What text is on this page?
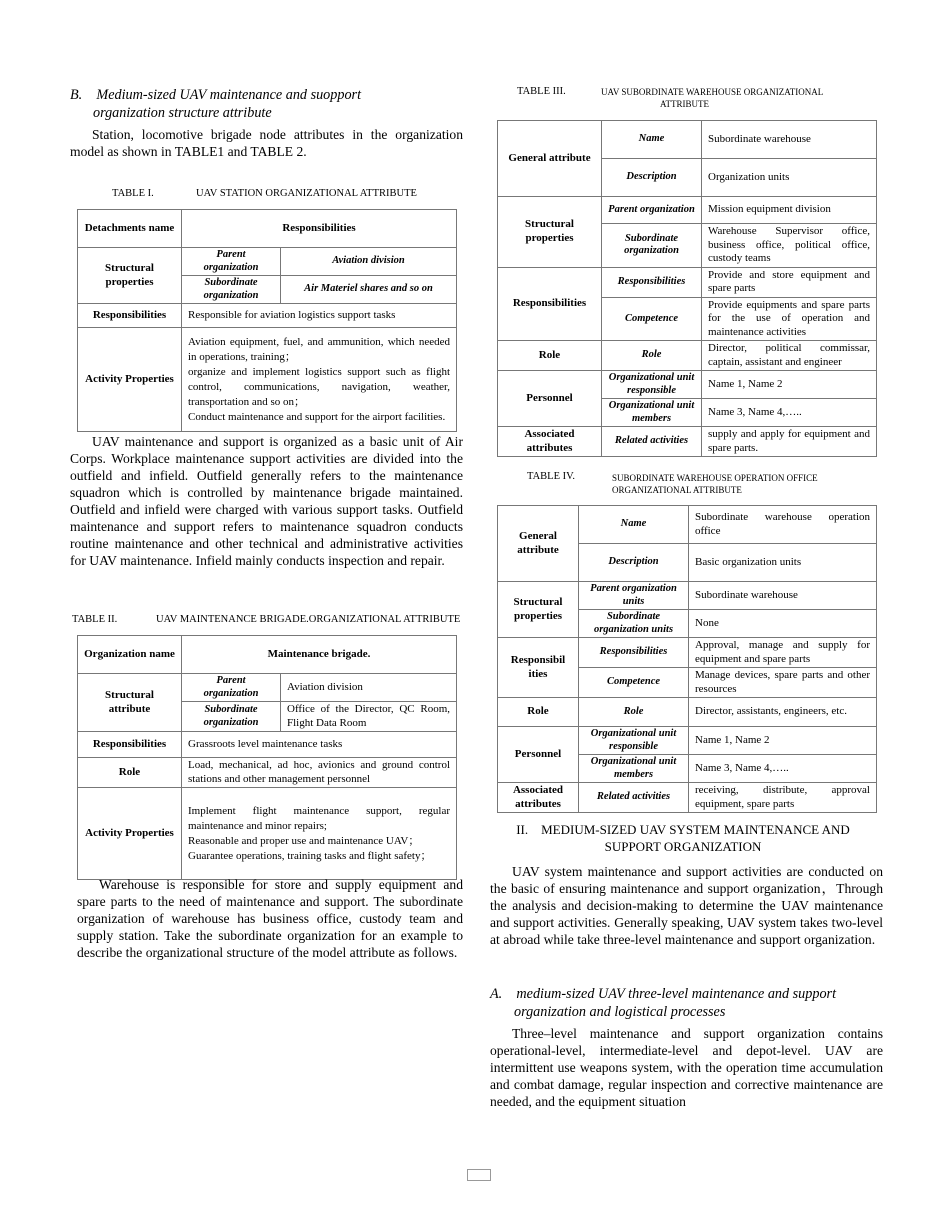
B. Medium-sized UAV maintenance and suopport
organization structure attribute
Station, locomotive brigade node attributes in the organization model as shown in TABLE1 and TABLE 2.
TABLE I.	UAV STATION ORGANIZATIONAL ATTRIBUTE
Detachments name	Responsibilities	
Structural properties	Parent organization	Aviation division
	Subordinate organization	Air Materiel shares and so on
Responsibilities	Responsible for aviation logistics support tasks	
Activity Properties	Aviation equipment, fuel, and ammunition, which needed in operations, training；
organize and implement logistics support such as flight control, communications, navigation, weather, transportation and so on；
Conduct maintenance and support for the airport facilities.	
UAV maintenance and support is organized as a basic unit of Air Corps. Workplace maintenance support activities are divided into the outfield and infield. Outfield generally refers to the maintenance squadron which is controlled by maintenance brigade maintained. Outfield and infield were charged with various support tasks. Outfield maintenance and support refers to maintenance squadron conducts routine maintenance and other technical and administrative activities for UAV maintenance. Infield mainly conducts inspection and repair.
TABLE II.	UAV MAINTENANCE BRIGADE.ORGANIZATIONAL ATTRIBUTE
Organization name	Maintenance brigade.	
Structural attribute	Parent organization	Aviation division
	Subordinate organization	Office of the Director, QC Room, Flight Data Room
Responsibilities	Grassroots level maintenance tasks	
Role	Load, mechanical, ad hoc, avionics and ground control stations and other management personnel	
Activity Properties	Implement flight maintenance support, regular maintenance and minor repairs;
Reasonable and proper use and maintenance UAV；
Guarantee operations, training tasks and flight safety；	
Warehouse is responsible for store and supply equipment and spare parts to the need of maintenance and support. The subordinate organization of warehouse has business office, custody team and supply station. Take the subordinate organization for an example to describe the organizational structure of the model attribute as follows.
TABLE III.	UAV SUBORDINATE WAREHOUSE ORGANIZATIONAL
ATTRIBUTE
General attribute	Name	Subordinate warehouse
	Description	Organization units
Structural properties	Parent organization	Mission equipment division
	Subordinate organization	Warehouse Supervisor office, business office, political office, custody teams
Responsibilities	Responsibilities	Provide and store equipment and spare parts
	Competence	Provide equipments and spare parts for the use of operation and maintenance activities
Role	Role	Director, political commissar, captain, assistant and engineer
Personnel	Organizational unit responsible	Name 1, Name 2
	Organizational unit members	Name 3, Name 4,…..
Associated attributes	Related activities	supply and apply for equipment and spare parts.
TABLE IV.	SUBORDINATE WAREHOUSE OPERATION OFFICE
ORGANIZATIONAL ATTRIBUTE
General attribute	Name	Subordinate warehouse operation office
	Description	Basic organization units
Structural properties	Parent organization units	Subordinate warehouse
	Subordinate organization units	None
Responsibil ities	Responsibilities	Approval, manage and supply for equipment and spare parts
	Competence	Manage devices, spare parts and other resources
Role	Role	Director, assistants, engineers, etc.
Personnel	Organizational unit responsible	Name 1, Name 2
	Organizational unit members	Name 3, Name 4,…..
Associated attributes	Related activities	receiving, distribute, approval equipment, spare parts
II. MEDIUM-SIZED UAV SYSTEM MAINTENANCE AND
SUPPORT ORGANIZATION
UAV system maintenance and support activities are conducted on the basic of ensuring maintenance and support organization，Through the analysis and decision-making to determine the UAV maintenance and support activities. Generally speaking, UAV system takes two-level at abroad while take three-level maintenance and support organization.
A. medium-sized UAV three-level maintenance and support
organization and logistical processes
Three–level maintenance and support organization contains operational-level, intermediate-level and depot-level. UAV are intermittent use weapons system, with the operation time accumulation and combat damage, regular inspection and corrective maintenance are needed, and the equipment situation
